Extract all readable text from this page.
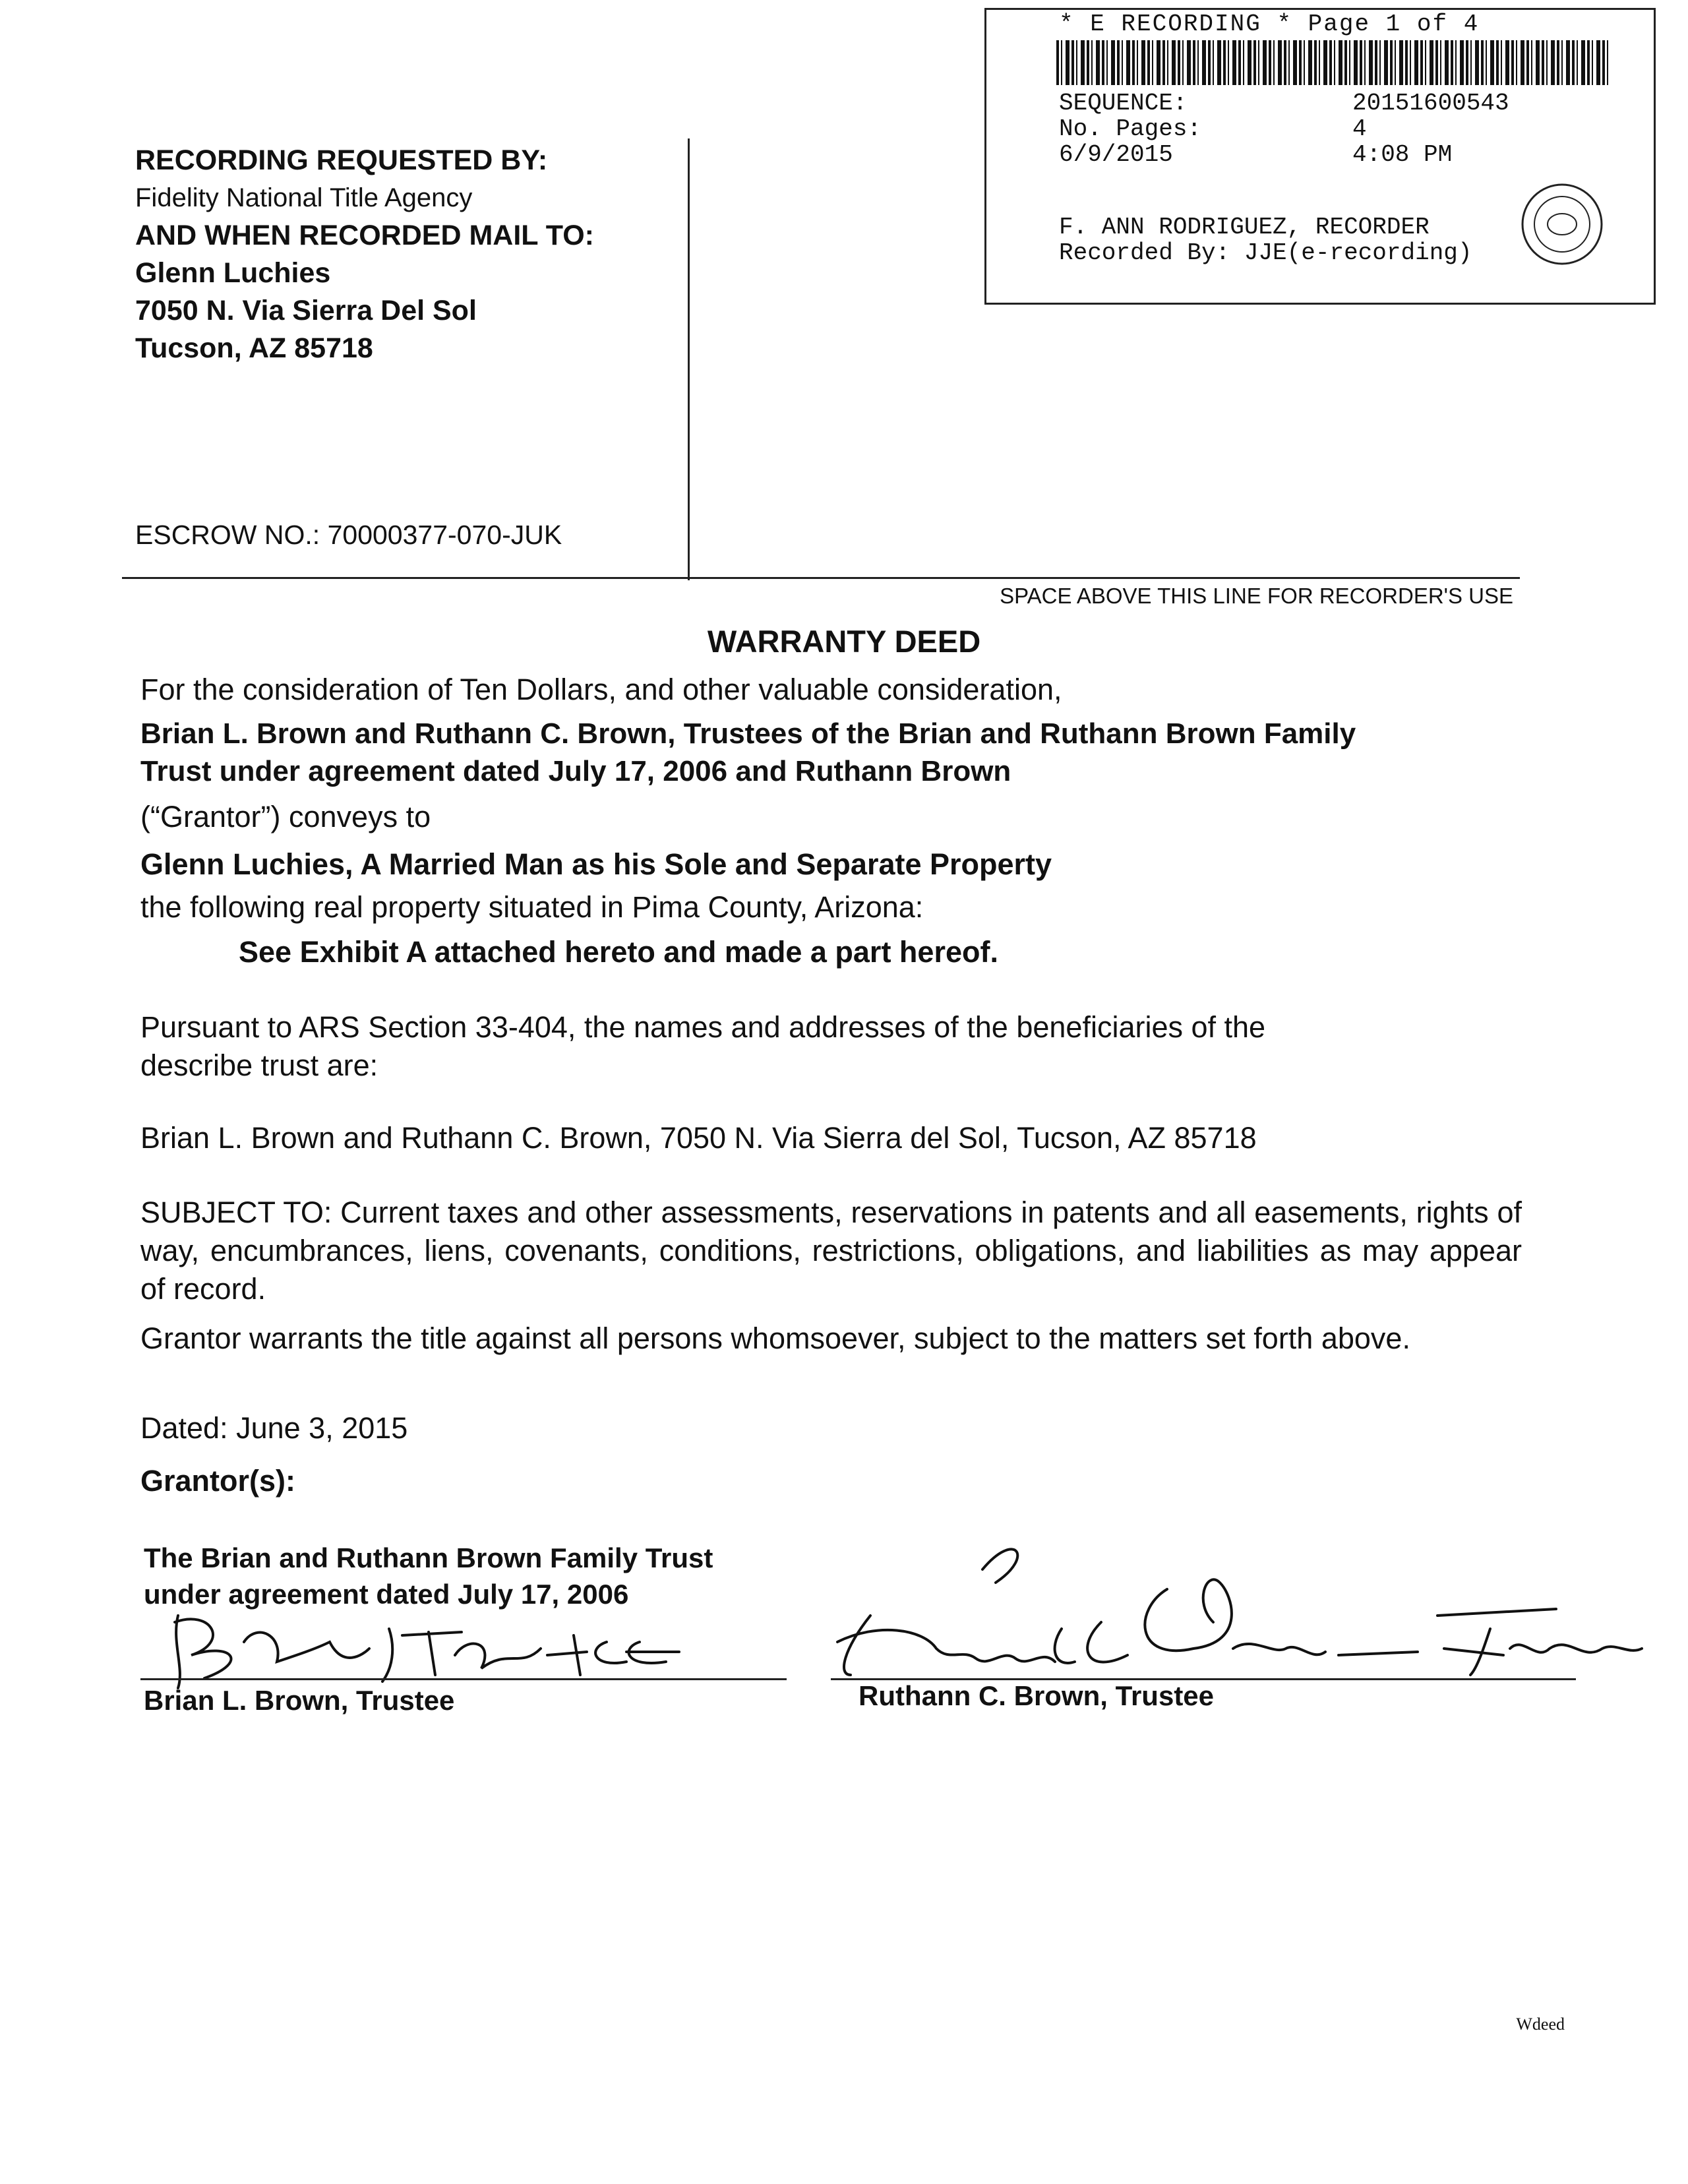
RECORDING REQUESTED BY:
Fidelity National Title Agency
AND WHEN RECORDED MAIL TO:
Glenn Luchies
7050 N. Via Sierra Del Sol
Tucson, AZ 85718
ESCROW NO.: 70000377-070-JUK
SPACE ABOVE THIS LINE FOR RECORDER'S USE
* E RECORDING * Page 1 of 4
SEQUENCE:	20151600543
No. Pages:	4
6/9/2015	4:08 PM
F. ANN RODRIGUEZ, RECORDER
Recorded By: JJE(e-recording)
WARRANTY DEED
For the consideration of Ten Dollars, and other valuable consideration,
Brian L. Brown and Ruthann C. Brown, Trustees of the Brian and Ruthann Brown Family
Trust under agreement dated July 17, 2006 and Ruthann Brown
(“Grantor”) conveys to
Glenn Luchies, A Married Man as his Sole and Separate Property
the following real property situated in Pima County, Arizona:
See Exhibit A attached hereto and made a part hereof.
Pursuant to ARS Section 33-404, the names and addresses of the beneficiaries of the
describe trust are:
Brian L. Brown and Ruthann C. Brown, 7050 N. Via Sierra del Sol, Tucson, AZ 85718
SUBJECT TO: Current taxes and other assessments, reservations in patents and all easements, rights of way, encumbrances, liens, covenants, conditions, restrictions, obligations, and liabilities as may appear of record.
Grantor warrants the title against all persons whomsoever, subject to the matters set forth above.
Dated: June 3, 2015
Grantor(s):
The Brian and Ruthann Brown Family Trust
under agreement dated July 17, 2006
Brian L. Brown, Trustee	Ruthann C. Brown, Trustee
Wdeed
